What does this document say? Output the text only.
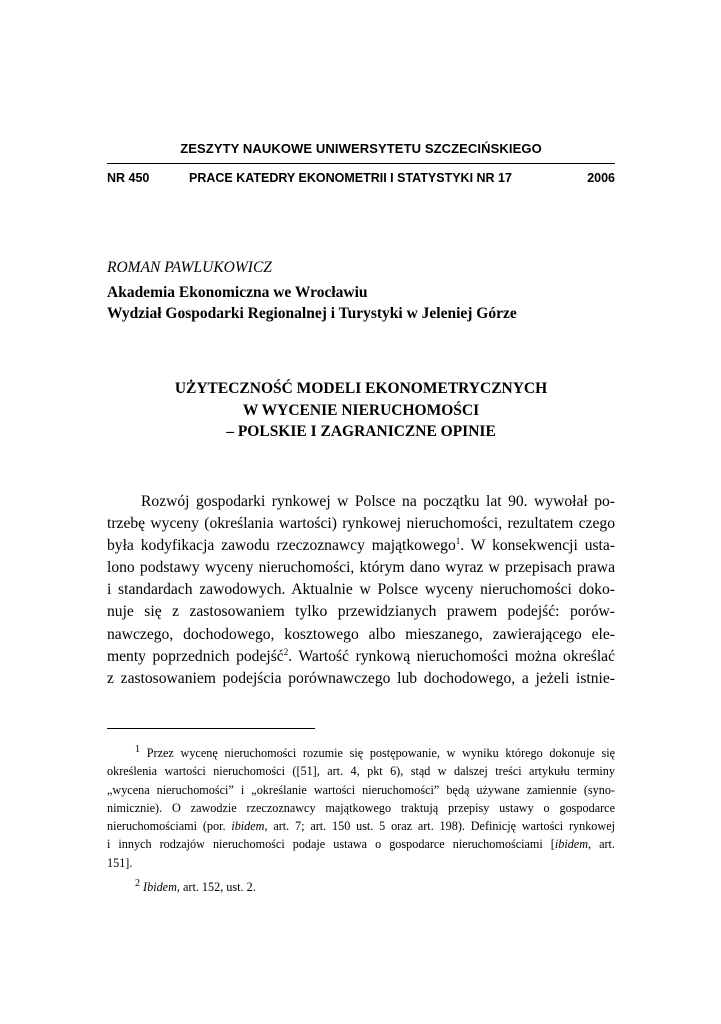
ZESZYTY NAUKOWE UNIWERSYTETU SZCZECIŃSKIEGO
NR 450	PRACE KATEDRY EKONOMETRII I STATYSTYKI NR 17	2006
ROMAN PAWLUKOWICZ
Akademia Ekonomiczna we Wrocławiu
Wydział Gospodarki Regionalnej i Turystyki w Jeleniej Górze
UŻYTECZNOŚĆ MODELI EKONOMETRYCZNYCH
W WYCENIE NIERUCHOMOŚCI
– POLSKIE I ZAGRANICZNE OPINIE
Rozwój gospodarki rynkowej w Polsce na początku lat 90. wywołał po-
trzebę wyceny (określania wartości) rynkowej nieruchomości, rezultatem czego
była kodyfikacja zawodu rzeczoznawcy majątkowego$^1$. W konsekwencji usta-
lono podstawy wyceny nieruchomości, którym dano wyraz w przepisach prawa
i standardach zawodowych. Aktualnie w Polsce wyceny nieruchomości doko-
nuje się z zastosowaniem tylko przewidzianych prawem podejść: porów-
nawczego, dochodowego, kosztowego albo mieszanego, zawierającego ele-
menty poprzednich podejść$^2$. Wartość rynkową nieruchomości można określać
z zastosowaniem podejścia porównawczego lub dochodowego, a jeżeli istnie-
$^1$ Przez wycenę nieruchomości rozumie się postępowanie, w wyniku którego dokonuje się
określenia wartości nieruchomości ([51], art. 4, pkt 6), stąd w dalszej treści artykułu terminy
„wycena nieruchomości” i „określanie wartości nieruchomości” będą używane zamiennie (syno-
nimicznie). O zawodzie rzeczoznawcy majątkowego traktują przepisy ustawy o gospodarce
nieruchomościami (por. ibidem, art. 7; art. 150 ust. 5 oraz art. 198). Definicję wartości rynkowej
i innych rodzajów nieruchomości podaje ustawa o gospodarce nieruchomościami [ibidem, art.
151].
$^2$ Ibidem, art. 152, ust. 2.
